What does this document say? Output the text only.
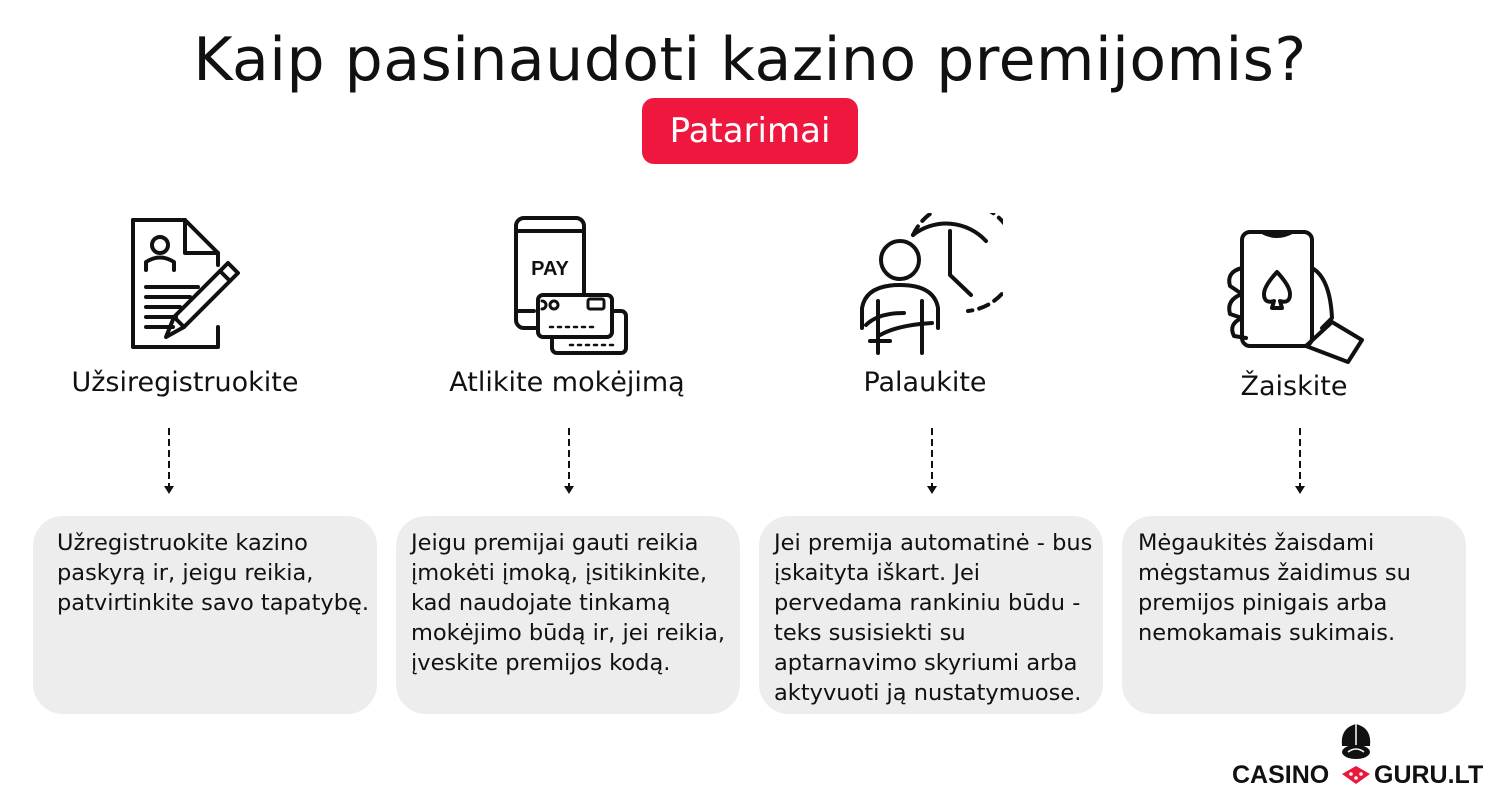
Kaip pasinaudoti kazino premijomis?
Patarimai
PAY
Užsiregistruokite	Atlikite mokėjimą	Palaukite	Žaiskite
Užregistruokite kazino paskyrą ir, jeigu reikia, patvirtinkite savo tapatybę.
Jeigu premijai gauti reikia įmokėti įmoką, įsitikinkite, kad naudojate tinkamą mokėjimo būdą ir, jei reikia, įveskite premijos kodą.
Jei premija automatinė - bus įskaityta iškart. Jei pervedama rankiniu būdu - teks susisiekti su aptarnavimo skyriumi arba aktyvuoti ją nustatymuose.
Mėgaukitės žaisdami mėgstamus žaidimus su premijos pinigais arba nemokamais sukimais.
CASINO GURU.LT
